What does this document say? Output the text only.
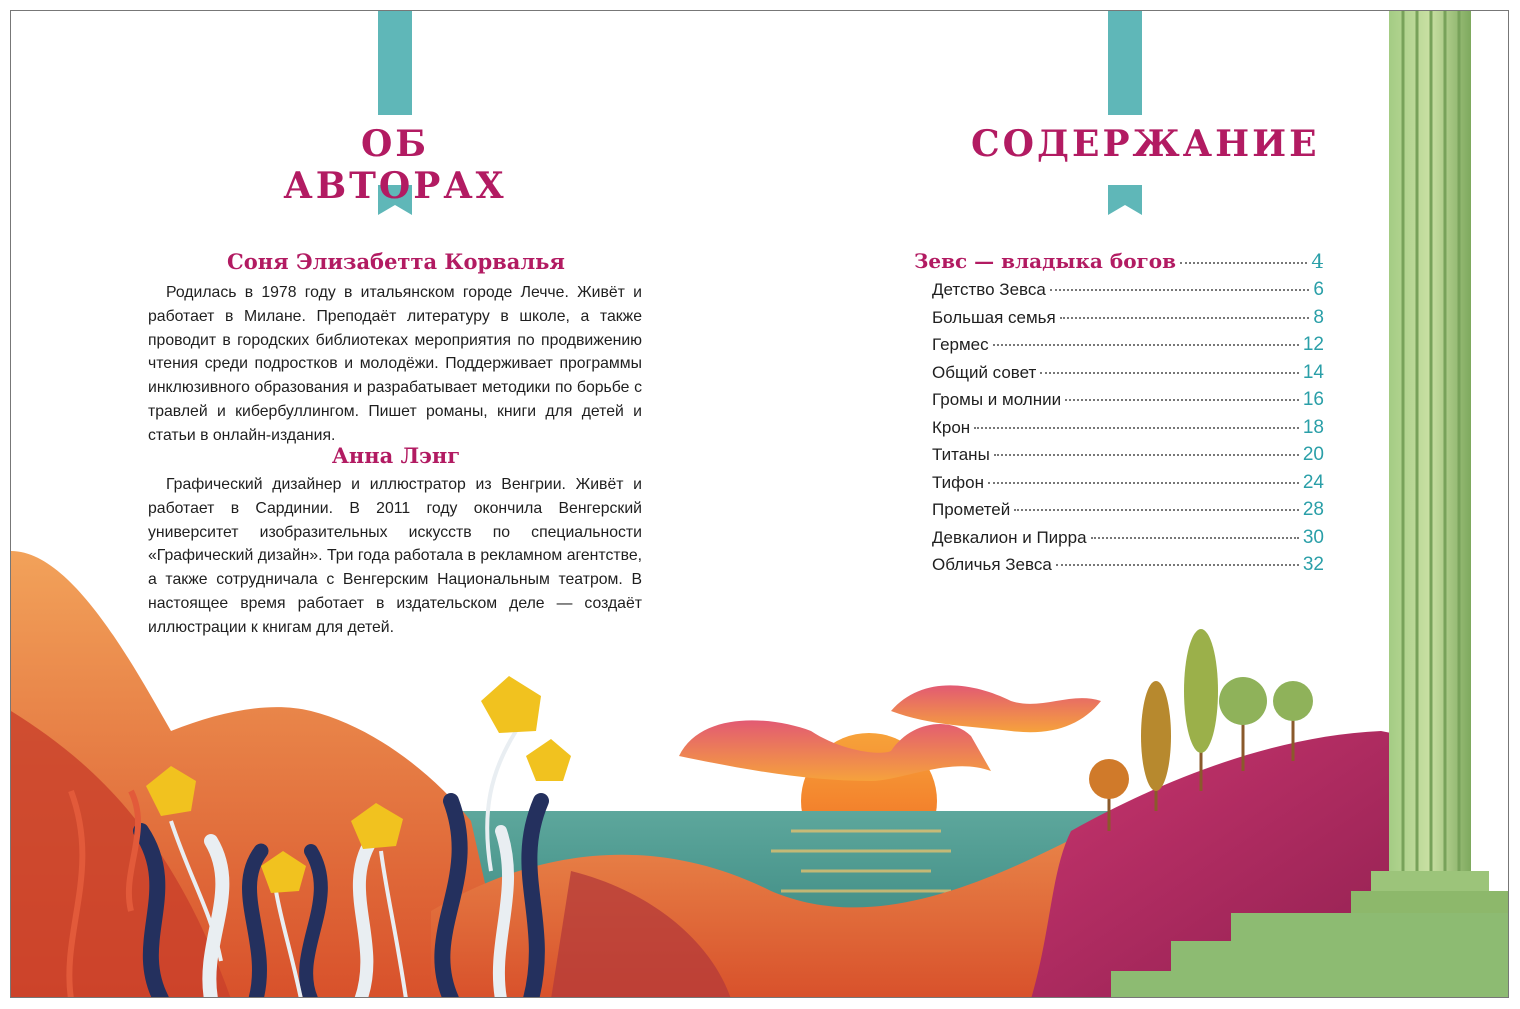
ОБ АВТОРАХ
Соня Элизабетта Корвалья

Родилась в 1978 году в итальянском городе Лечче. Живёт и работает в Милане. Преподаёт литературу в школе, а также проводит в городских библиотеках мероприятия по продвижению чтения среди подростков и молодёжи. Поддерживает программы инклюзивного образования и разрабатывает методики по борьбе с травлей и кибербуллингом. Пишет романы, книги для детей и статьи в онлайн-издания.

Анна Лэнг

Графический дизайнер и иллюстратор из Венгрии. Живёт и работает в Сардинии. В 2011 году окончила Венгерский университет изобразительных искусств по специальности «Графический дизайн». Три года работала в рекламном агентстве, а также сотрудничала с Венгерским Национальным театром. В настоящее время работает в издательском деле — создаёт иллюстрации к книгам для детей.

СОДЕРЖАНИЕ
Зевс — владыка богов	4
Детство Зевса	6
Большая семья	8
Гермес	12
Общий совет	14
Громы и молнии	16
Крон	18
Титаны	20
Тифон	24
Прометей	28
Девкалион и Пирра	30
Обличья Зевса	32
